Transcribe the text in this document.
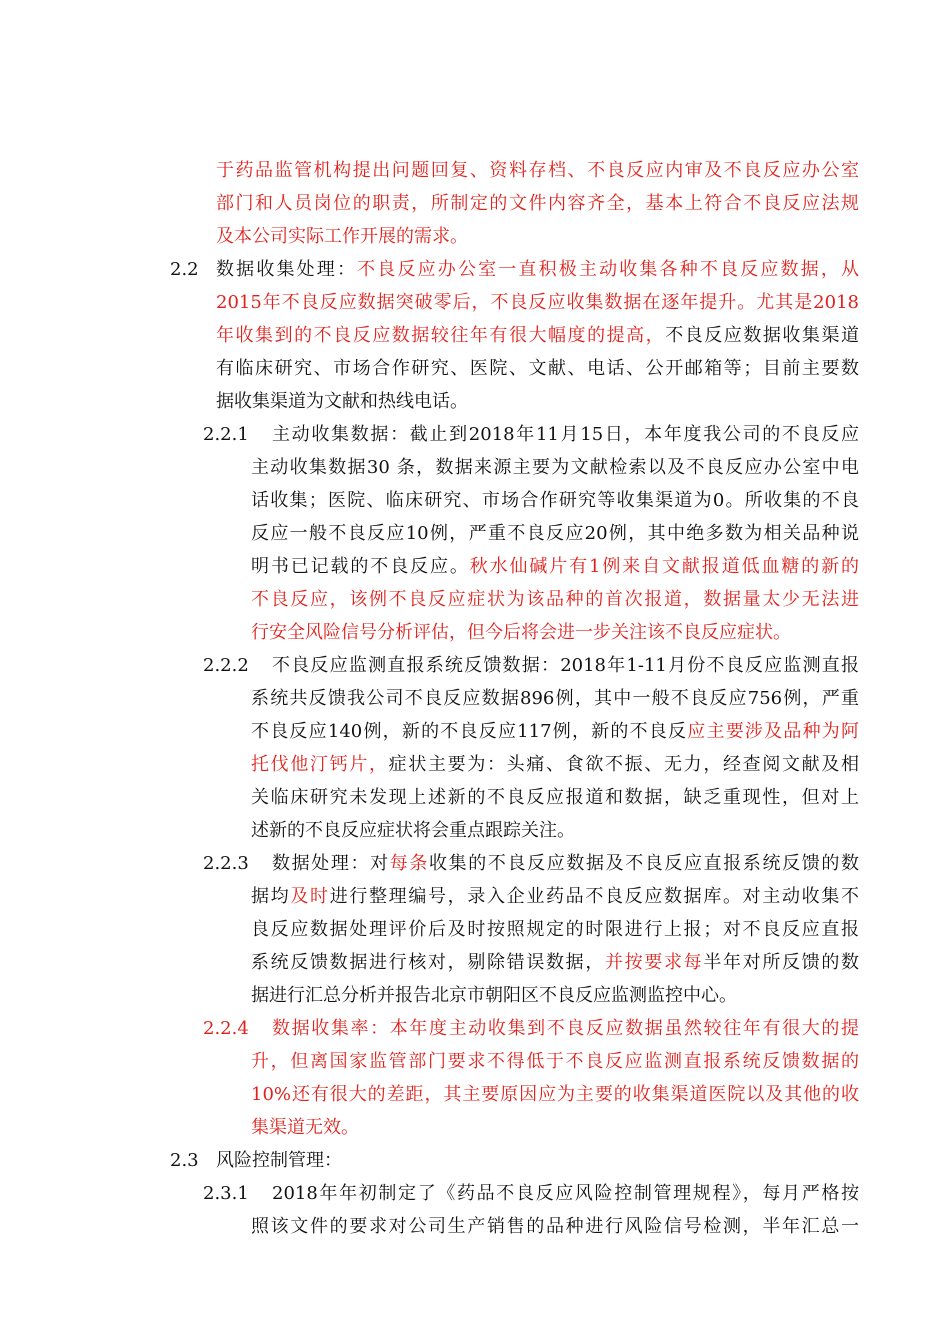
于药品监管机构提出问题回复、资料存档、不良反应内审及不良反应办公室
部门和人员岗位的职责，所制定的文件内容齐全，基本上符合不良反应法规
及本公司实际工作开展的需求。
2.2 数据收集处理：不良反应办公室一直积极主动收集各种不良反应数据，从
2015年不良反应数据突破零后，不良反应收集数据在逐年提升。尤其是2018
年收集到的不良反应数据较往年有很大幅度的提高，不良反应数据收集渠道
有临床研究、市场合作研究、医院、文献、电话、公开邮箱等；目前主要数
据收集渠道为文献和热线电话。
2.2.1 主动收集数据：截止到2018年11月15日，本年度我公司的不良反应
主动收集数据30 条，数据来源主要为文献检索以及不良反应办公室中电
话收集；医院、临床研究、市场合作研究等收集渠道为0。所收集的不良
反应一般不良反应10例，严重不良反应20例，其中绝多数为相关品种说
明书已记载的不良反应。秋水仙碱片有1例来自文献报道低血糖的新的
不良反应，该例不良反应症状为该品种的首次报道，数据量太少无法进
行安全风险信号分析评估，但今后将会进一步关注该不良反应症状。
2.2.2 不良反应监测直报系统反馈数据：2018年1-11月份不良反应监测直报
系统共反馈我公司不良反应数据896例，其中一般不良反应756例，严重
不良反应140例，新的不良反应117例，新的不良反应主要涉及品种为阿
托伐他汀钙片，症状主要为：头痛、食欲不振、无力，经查阅文献及相
关临床研究未发现上述新的不良反应报道和数据，缺乏重现性，但对上
述新的不良反应症状将会重点跟踪关注。
2.2.3 数据处理：对每条收集的不良反应数据及不良反应直报系统反馈的数
据均及时进行整理编号，录入企业药品不良反应数据库。对主动收集不
良反应数据处理评价后及时按照规定的时限进行上报；对不良反应直报
系统反馈数据进行核对，剔除错误数据，并按要求每半年对所反馈的数
据进行汇总分析并报告北京市朝阳区不良反应监测监控中心。
2.2.4 数据收集率：本年度主动收集到不良反应数据虽然较往年有很大的提
升，但离国家监管部门要求不得低于不良反应监测直报系统反馈数据的
10%还有很大的差距，其主要原因应为主要的收集渠道医院以及其他的收
集渠道无效。
2.3 风险控制管理：
2.3.1 2018年年初制定了《药品不良反应风险控制管理规程》，每月严格按
照该文件的要求对公司生产销售的品种进行风险信号检测，半年汇总一
